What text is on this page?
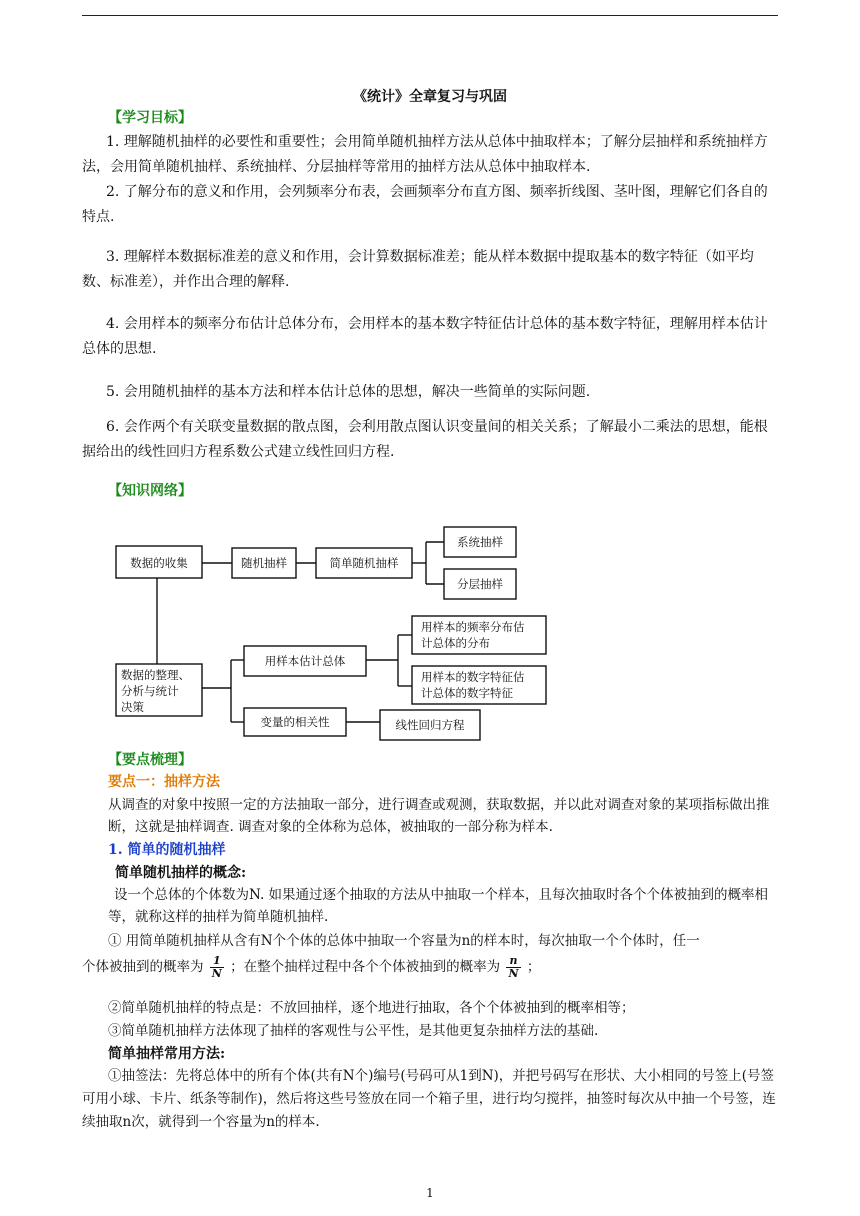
《统计》全章复习与巩固
【学习目标】
1. 理解随机抽样的必要性和重要性；会用简单随机抽样方法从总体中抽取样本；了解分层抽样和系统抽样方法，会用简单随机抽样、系统抽样、分层抽样等常用的抽样方法从总体中抽取样本.
2. 了解分布的意义和作用，会列频率分布表，会画频率分布直方图、频率折线图、茎叶图，理解它们各自的特点.
3. 理解样本数据标准差的意义和作用，会计算数据标准差；能从样本数据中提取基本的数字特征（如平均数、标准差），并作出合理的解释.
4. 会用样本的频率分布估计总体分布，会用样本的基本数字特征估计总体的基本数字特征，理解用样本估计总体的思想.
5. 会用随机抽样的基本方法和样本估计总体的思想，解决一些简单的实际问题.
6. 会作两个有关联变量数据的散点图，会利用散点图认识变量间的相关关系；了解最小二乘法的思想，能根据给出的线性回归方程系数公式建立线性回归方程.
【知识网络】
数据的收集	随机抽样	简单随机抽样
系统抽样
分层抽样
数据的整理、
分析与统计
决策
用样本估计总体
用样本的频率分布估
计总体的分布
用样本的数字特征估
计总体的数字特征
变量的相关性	线性回归方程
【要点梳理】
要点一：抽样方法
从调查的对象中按照一定的方法抽取一部分，进行调查或观测，获取数据，并以此对调查对象的某项指标做出推断，这就是抽样调查. 调查对象的全体称为总体，被抽取的一部分称为样本.
1. 简单的随机抽样
简单随机抽样的概念:
设一个总体的个体数为N. 如果通过逐个抽取的方法从中抽取一个样本，且每次抽取时各个个体被抽到的概率相等，就称这样的抽样为简单随机抽样.
① 用简单随机抽样从含有N个个体的总体中抽取一个容量为n的样本时，每次抽取一个个体时，任一
个体被抽到的概率为 $\frac{1}{N}$ ；在整个抽样过程中各个个体被抽到的概率为 $\frac{n}{N}$ ；
②简单随机抽样的特点是：不放回抽样，逐个地进行抽取，各个个体被抽到的概率相等；
③简单随机抽样方法体现了抽样的客观性与公平性，是其他更复杂抽样方法的基础.
简单抽样常用方法:
①抽签法：先将总体中的所有个体(共有N个)编号(号码可从1到N)，并把号码写在形状、大小相同的号签上(号签可用小球、卡片、纸条等制作)，然后将这些号签放在同一个箱子里，进行均匀搅拌，抽签时每次从中抽一个号签，连续抽取n次，就得到一个容量为n的样本.
1
